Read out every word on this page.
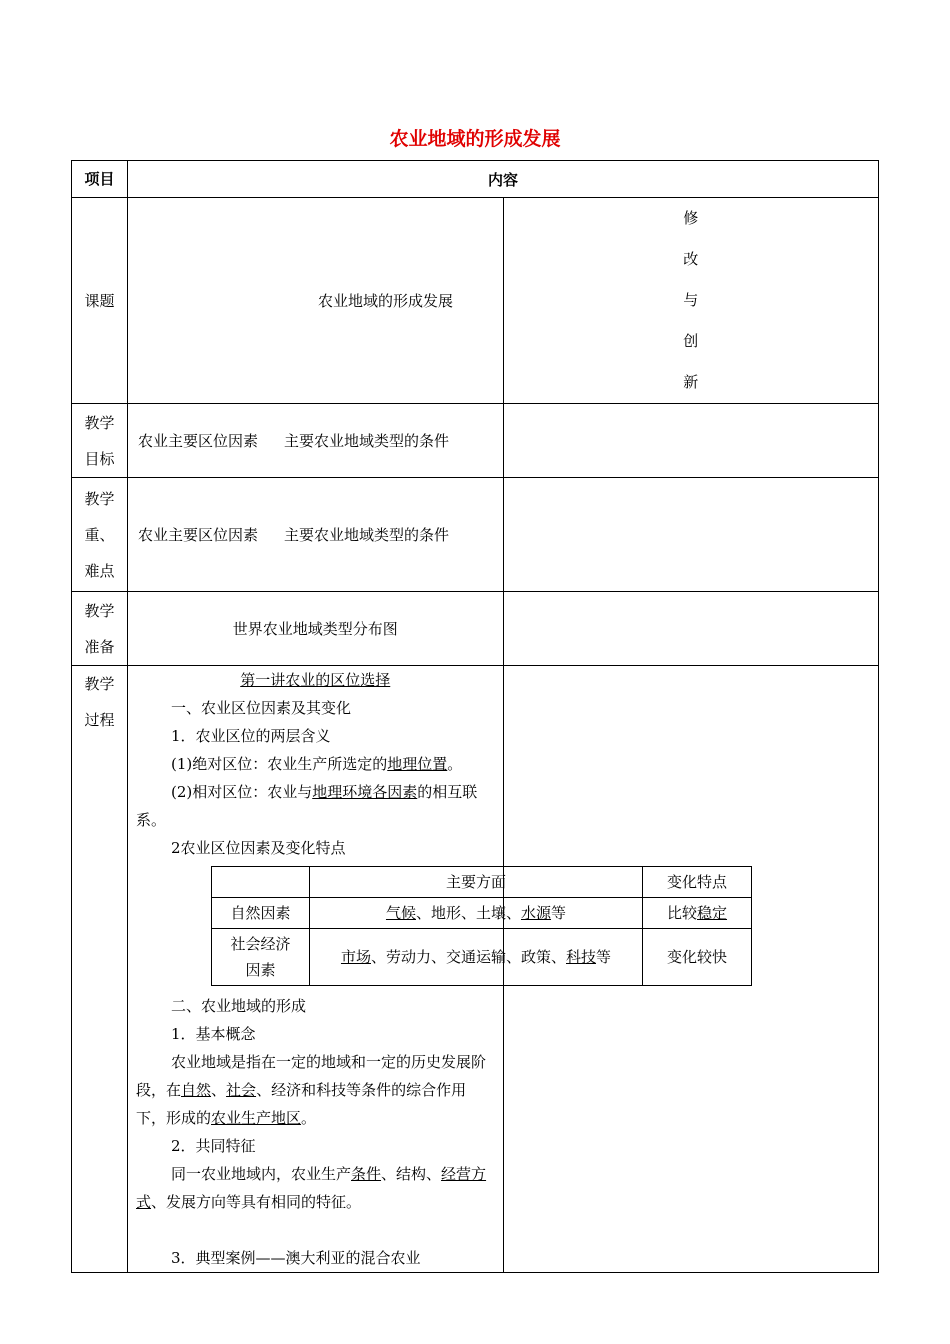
农业地域的形成发展
项目	内容
课题	农业地域的形成发展	
修
改
与
创
新

教学
目标	农业主要区位因素 主要农业地域类型的条件	
教学
重、
难点	农业主要区位因素 主要农业地域类型的条件	
教学
准备	世界农业地域类型分布图	
教学
过程	

第一讲农业的区位选择

一、农业区位因素及其变化

1．农业区位的两层含义

(1)绝对区位：农业生产所选定的地理位置。

(2)相对区位：农业与地理环境各因素的相互联系。

2农业区位因素及变化特点

	主要方面	变化特点
自然因素	气候、地形、土壤、水源等	比较稳定
社会经济因素	市场、劳动力、交通运输、政策、科技等	变化较快

二、农业地域的形成

1．基本概念

农业地域是指在一定的地域和一定的历史发展阶段，在自然、社会、经济和科技等条件的综合作用下，形成的农业生产地区。

2．共同特征

同一农业地域内，农业生产条件、结构、经营方式、发展方向等具有相同的特征。

3．典型案例——澳大利亚的混合农业
